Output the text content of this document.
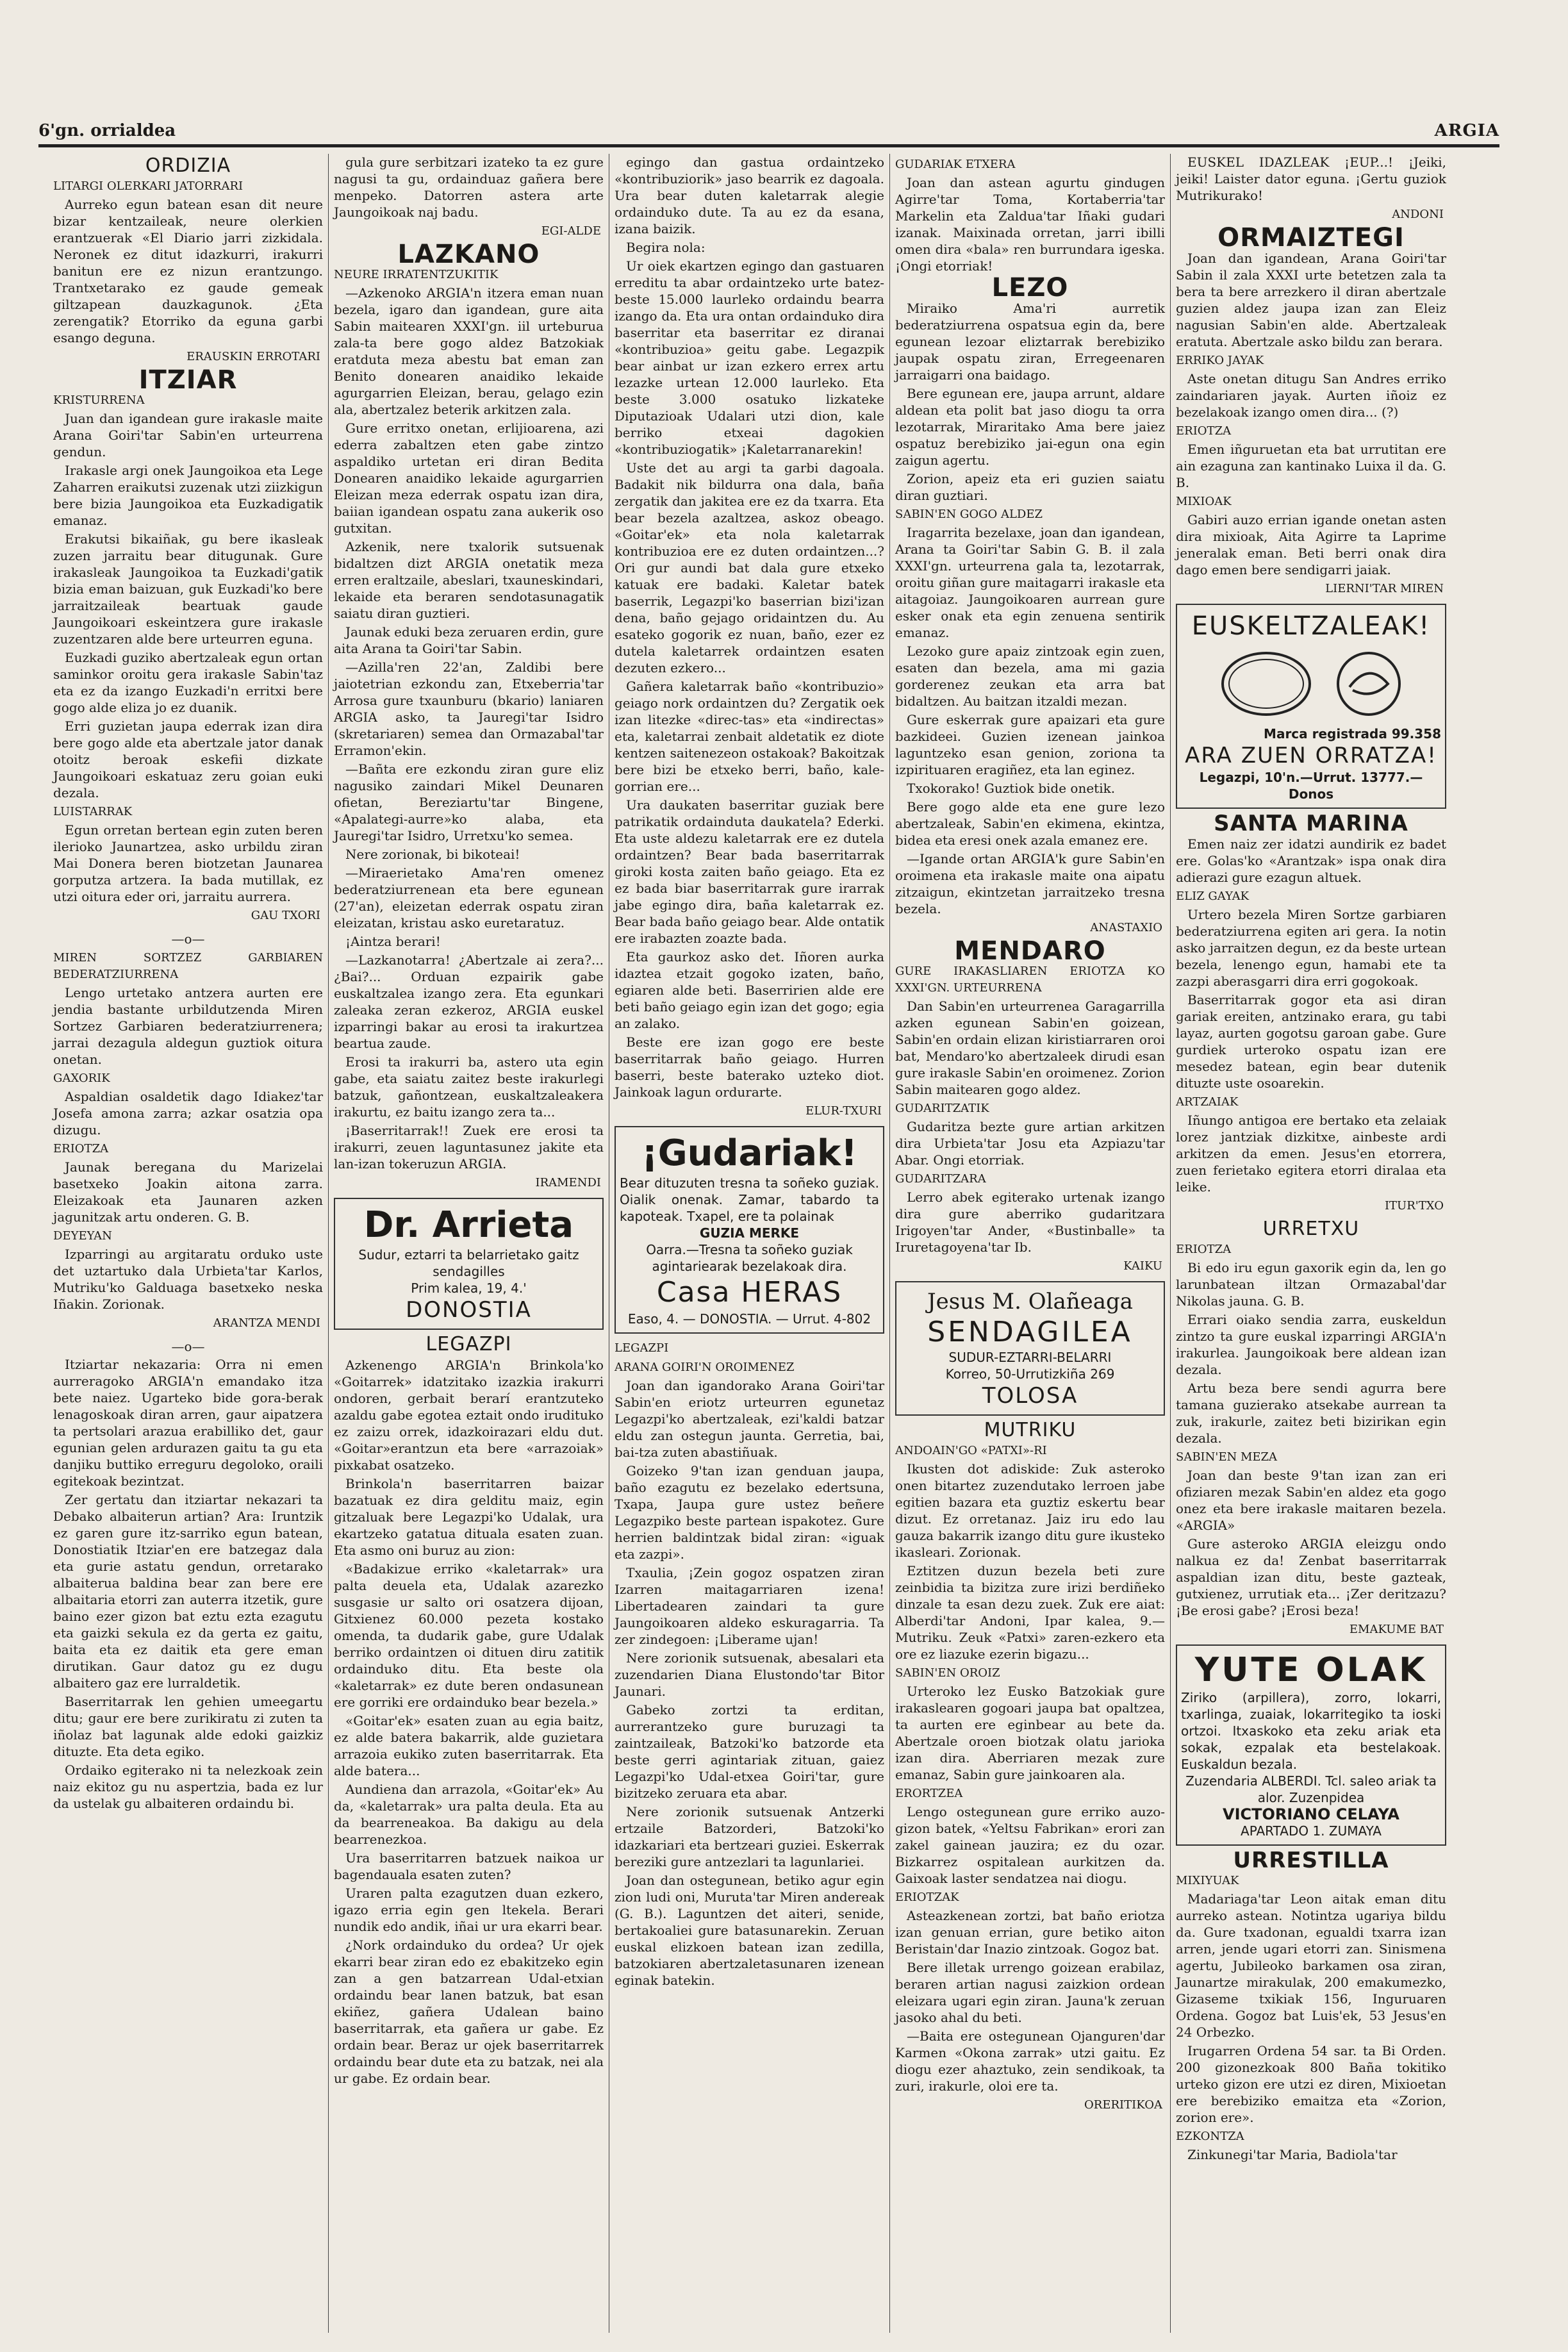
6'gn. orrialdea	ARGIA
ORDIZIA
LITARGI OLERKARI JATORRARI

Aurreko egun batean esan dit neure bizar kentzaileak, neure olerkien erantzuerak «El Diario jarri zizkidala. Neronek ez ditut idazkurri, irakurri banitun ere ez nizun erantzungo. Trantxetarako ez gaude gemeak giltzapean dauzkagunok. ¿Eta zerengatik? Etorriko da eguna garbi esango deguna.

ERAUSKIN ERROTARI
ITZIAR
KRISTURRENA

Juan dan igandean gure irakasle maite Arana Goiri'tar Sabin'en urteurrena gendun.

Irakasle argi onek Jaungoikoa eta Lege Zaharren eraikutsi zuzenak utzi ziizkigun bere bizia Jaungoikoa eta Euzkadigatik emanaz.

Erakutsi bikaiñak, gu bere ikasleak zuzen jarraitu bear ditugunak. Gure irakasleak Jaungoikoa ta Euzkadi'gatik bizia eman baizuan, guk Euzkadi'ko bere jarraitzaileak beartuak gaude Jaungoikoari eskeintzera gure irakasle zuzentzaren alde bere urteurren eguna.

Euzkadi guziko abertzaleak egun ortan saminkor oroitu gera irakasle Sabin'taz eta ez da izango Euzkadi'n erritxi bere gogo alde eliza jo ez duanik.

Erri guzietan jaupa ederrak izan dira bere gogo alde eta abertzale jator danak otoitz beroak eskefii dizkate Jaungoikoari eskatuaz zeru goian euki dezala.

LUISTARRAK

Egun orretan bertean egin zuten beren ilerioko Jaunartzea, asko urbildu ziran Mai Donera beren biotzetan Jaunarea gorputza artzera. Ia bada mutillak, ez utzi oitura eder ori, jarraitu aurrera.

GAU TXORI
—o—
MIREN SORTZEZ GARBIAREN BEDERATZIURRENA

Lengo urtetako antzera aurten ere jendia bastante urbildutzenda Miren Sortzez Garbiaren bederatziurrenera; jarrai dezagula aldegun guztiok oitura onetan.

GAXORIK

Aspaldian osaldetik dago Idiakez'tar Josefa amona zarra; azkar osatzia opa dizugu.

ERIOTZA

Jaunak beregana du Marizelai basetxeko Joakin aitona zarra. Eleizakoak eta Jaunaren azken jagunitzak artu onderen. G. B.

DEYEYAN

Izparringi au argitaratu orduko uste det uztartuko dala Urbieta'tar Karlos, Mutriku'ko Galduaga basetxeko neska Iñakin. Zorionak.

ARANTZA MENDI
—o—

Itziartar nekazaria: Orra ni emen aurreragoko ARGIA'n emandako itza bete naiez. Ugarteko bide gora-berak lenagoskoak diran arren, gaur aipatzera ta pertsolari arazua erabilliko det, gaur egunian gelen ardurazen gaitu ta gu eta danjiku buttiko erreguru degoloko, oraili egitekoak bezintzat.

Zer gertatu dan itziartar nekazari ta Debako albaiterun artian? Ara: Iruntzik ez garen gure itz-sarriko egun batean, Donostiatik Itziar'en ere batzegaz dala eta gurie astatu gendun, orretarako albaiterua baldina bear zan bere ere albaitaria etorri zan auterra itzetik, gure baino ezer gizon bat eztu ezta ezagutu eta gaizki sekula ez da gerta ez gaitu, baita eta ez daitik eta gere eman dirutikan. Gaur datoz gu ez dugu albaitero gaz ere lurraldetik.

Baserritarrak len gehien umeegartu ditu; gaur ere bere zurikiratu zi zuten ta iñolaz bat lagunak alde edoki gaizkiz dituzte. Eta deta egiko.

Ordaiko egiterako ni ta nelezkoak zein naiz ekitoz gu nu aspertzia, bada ez lur da ustelak gu albaiteren ordaindu bi.

gula gure serbitzari izateko ta ez gure nagusi ta gu, ordainduaz gañera bere menpeko. Datorren astera arte Jaungoikoak naj badu.

EGI-ALDE
LAZKANO
NEURE IRRATENTZUKITIK

—Azkenoko ARGIA'n itzera eman nuan bezela, igaro dan igandean, gure aita Sabin maitearen XXXI'gn. iil urteburua zala-ta bere gogo aldez Batzokiak eratduta meza abestu bat eman zan Benito donearen anaidiko lekaide agurgarrien Eleizan, berau, gelago ezin ala, abertzalez beterik arkitzen zala.

Gure erritxo onetan, erlijioarena, azi ederra zabaltzen eten gabe zintzo aspaldiko urtetan eri diran Bedita Donearen anaidiko lekaide agurgarrien Eleizan meza ederrak ospatu izan dira, baiian igandean ospatu zana aukerik oso gutxitan.

Azkenik, nere txalorik sutsuenak bidaltzen dizt ARGIA onetatik meza erren eraltzaile, abeslari, txauneskindari, lekaide eta beraren sendotasunagatik saiatu diran guztieri.

Jaunak eduki beza zeruaren erdin, gure aita Arana ta Goiri'tar Sabin.

—Azilla'ren 22'an, Zaldibi bere jaiotetrian ezkondu zan, Etxeberria'tar Arrosa gure txaunburu (bkario) laniaren ARGIA asko, ta Jauregi'tar Isidro (skretariaren) semea dan Ormazabal'tar Erramon'ekin.

—Bañta ere ezkondu ziran gure eliz nagusiko zaindari Mikel Deunaren ofietan, Bereziartu'tar Bingene, «Apalategi-aurre»ko alaba, eta Jauregi'tar Isidro, Urretxu'ko semea.

Nere zorionak, bi bikoteai!

—Miraerietako Ama'ren omenez bederatziurrenean eta bere egunean (27'an), eleizetan ederrak ospatu ziran eleizatan, kristau asko euretaratuz.

¡Aintza berari!

—Lazkanotarra! ¿Abertzale ai zera?... ¿Bai?... Orduan ezpairik gabe euskaltzalea izango zera. Eta egunkari zaleaka zeran ezkeroz, ARGIA euskel izparringi bakar au erosi ta irakurtzea beartua zaude.

Erosi ta irakurri ba, astero uta egin gabe, eta saiatu zaitez beste irakurlegi batzuk, gañontzean, euskaltzaleakera irakurtu, ez baitu izango zera ta...

¡Baserritarrak!! Zuek ere erosi ta irakurri, zeuen laguntasunez jakite eta lan-izan tokeruzun ARGIA.

IRAMENDI
Dr. Arrieta
Sudur, eztarri ta belarrietako gaitz
sendagilles
Prim kalea, 19, 4.'
DONOSTIA
LEGAZPI

Azkenengo ARGIA'n Brinkola'ko «Goitarrek» idatzitako izazkia irakurri ondoren, gerbait berarí erantzuteko azaldu gabe egotea eztait ondo irudituko ez zaizu orrek, idazkoirazari eldu dut. «Goitar»erantzun eta bere «arrazoiak» pixkabat osatzeko.

Brinkola'n baserritarren baizar bazatuak ez dira gelditu maiz, egin gitzaluak bere Legazpi'ko Udalak, ura ekartzeko gatatua dituala esaten zuan. Eta asmo oni buruz au zion:

«Badakizue erriko «kaletarrak» ura palta deuela eta, Udalak azarezko susgasie ur salto ori osatzera dijoan, Gitxienez 60.000 pezeta kostako omenda, ta dudarik gabe, gure Udalak berriko ordaintzen oi dituen diru zatitik ordainduko ditu. Eta beste ola «kaletarrak» ez dute beren ondasunean ere gorriki ere ordainduko bear bezela.»

«Goitar'ek» esaten zuan au egia baitz, ez alde batera bakarrik, alde guzietara arrazoia eukiko zuten baserritarrak. Eta alde batera...

Aundiena dan arrazola, «Goitar'ek» Au da, «kaletarrak» ura palta deula. Eta au da bearreneakoa. Ba dakigu au dela bearrenezkoa.

Ura baserritarren batzuek naikoa ur bagendauala esaten zuten?

Uraren palta ezagutzen duan ezkero, igazo erria egin gen ltekela. Berari nundik edo andik, iñai ur ura ekarri bear.

¿Nork ordainduko du ordea? Ur ojek ekarri bear ziran edo ez ebakitzeko egin zan a gen batzarrean Udal-etxian ordaindu bear lanen batzuk, bat esan ekiñez, gañera Udalean baino baserritarrak, eta gañera ur gabe. Ez ordain bear. Beraz ur ojek baserritarrek ordaindu bear dute eta zu batzak, nei ala ur gabe. Ez ordain bear.

egingo dan gastua ordaintzeko «kontribuziorik» jaso bearrik ez dagoala. Ura bear duten kaletarrak alegie ordainduko dute. Ta au ez da esana, izana baizik.

Begira nola:

Ur oiek ekartzen egingo dan gastuaren erreditu ta abar ordaintzeko urte batez-beste 15.000 laurleko ordaindu bearra izango da. Eta ura ontan ordainduko dira baserritar eta baserritar ez diranai «kontribuzioa» geitu gabe. Legazpik bear ainbat ur izan ezkero errex artu lezazke urtean 12.000 laurleko. Eta beste 3.000 osatuko lizkateke Diputazioak Udalari utzi dion, kale berriko etxeai dagokien «kontribuziogatik» ¡Kaletarranarekin!

Uste det au argi ta garbi dagoala. Badakit nik bildurra ona dala, baña zergatik dan jakitea ere ez da txarra. Eta bear bezela azaltzea, askoz obeago. «Goitar'ek» eta nola kaletarrak kontribuzioa ere ez duten ordaintzen...? Ori gur aundi bat dala gure etxeko katuak ere badaki. Kaletar batek baserrik, Legazpi'ko baserrian bizi'izan dena, baño gejago oridaintzen du. Au esateko gogorik ez nuan, baño, ezer ez dutela kaletarrek ordaintzen esaten dezuten ezkero...

Gañera kaletarrak baño «kontribuzio» geiago nork ordaintzen du? Zergatik oek izan litezke «direc-tas» eta «indirectas» eta, kaletarrai zenbait aldetatik ez diote kentzen saitenezeon ostakoak? Bakoitzak bere bizi be etxeko berri, baño, kale-gorrian ere...

Ura daukaten baserritar guziak bere patrikatik ordainduta daukatela? Ederki. Eta uste aldezu kaletarrak ere ez dutela ordaintzen? Bear bada baserritarrak giroki kosta zaiten baño geiago. Eta ez ez bada biar baserritarrak gure irarrak jabe egingo dira, baña kaletarrak ez. Bear bada baño geiago bear. Alde ontatik ere irabazten zoazte bada.

Eta gaurkoz asko det. Iñoren aurka idaztea etzait gogoko izaten, baño, egiaren alde beti. Baserririen alde ere beti baño geiago egin izan det gogo; egia an zalako.

Beste ere izan gogo ere beste baserritarrak baño geiago. Hurren baserri, beste baterako uzteko diot. Jainkoak lagun ordurarte.

ELUR-TXURI
¡Gudariak!
Bear dituzuten tresna ta soñeko guziak. Oialik onenak. Zamar, tabardo ta kapoteak. Txapel, ere ta polainak
GUZIA MERKE
Oarra.—Tresna ta soñeko guziak agintariearak bezelakoak dira.
Casa HERAS
Easo, 4. — DONOSTIA. — Urrut. 4-802
LEGAZPI
ARANA GOIRI'N OROIMENEZ

Joan dan igandorako Arana Goiri'tar Sabin'en eriotz urteurren egunetaz Legazpi'ko abertzaleak, ezi'kaldi batzar eldu zan ostegun jaunta. Gerretia, bai, bai-tza zuten abastiñuak.

Goizeko 9'tan izan genduan jaupa, baño ezagutu ez bezelako edertsuna, Txapa, Jaupa gure ustez beñere Legazpiko beste partean ispakotez. Gure herrien baldintzak bidal ziran: «iguak eta zazpi».

Txaulia, ¡Zein gogoz ospatzen ziran Izarren maitagarriaren izena! Libertadearen zaindari ta gure Jaungoikoaren aldeko eskuragarria. Ta zer zindegoen: ¡Liberame ujan!

Nere zorionik sutsuenak, abesalari eta zuzendarien Diana Elustondo'tar Bitor Jaunari.

Gabeko zortzi ta erditan, aurrerantzeko gure buruzagi ta zaintzaileak, Batzoki'ko batzorde eta beste gerri agintariak zituan, gaiez Legazpi'ko Udal-etxea Goiri'tar, gure bizitzeko zeruara eta abar.

Nere zorionik sutsuenak Antzerki ertzaile Batzorderi, Batzoki'ko idazkariari eta bertzeari guziei. Eskerrak bereziki gure antzezlari ta lagunlariei.

Joan dan ostegunean, betiko agur egin zion ludi oni, Muruta'tar Miren andereak (G. B.). Laguntzen det aiteri, senide, bertakoaliei gure batasunarekin. Zeruan euskal elizkoen batean izan zedilla, batzokiaren abertzaletasunaren izenean eginak batekin.

GUDARIAK ETXERA

Joan dan astean agurtu gindugen Agirre'tar Toma, Kortaberria'tar Markelin eta Zaldua'tar Iñaki gudari izanak. Maixinada orretan, jarri ibilli omen dira «bala» ren burrundara igeska. ¡Ongi etorriak!

LEZO

Miraiko Ama'ri aurretik bederatziurrena ospatsua egin da, bere egunean lezoar eliztarrak berebiziko jaupak ospatu ziran, Erregeenaren jarraigarri ona baidago.

Bere egunean ere, jaupa arrunt, aldare aldean eta polit bat jaso diogu ta orra lezotarrak, Miraritako Ama bere jaiez ospatuz berebiziko jai-egun ona egin zaigun agertu.

Zorion, apeiz eta eri guzien saiatu diran guztiari.

SABIN'EN GOGO ALDEZ

Iragarrita bezelaxe, joan dan igandean, Arana ta Goiri'tar Sabin G. B. il zala XXXI'gn. urteurrena gala ta, lezotarrak, oroitu giñan gure maitagarri irakasle eta aitagoiaz. Jaungoikoaren aurrean gure esker onak eta egin zenuena sentirik emanaz.

Lezoko gure apaiz zintzoak egin zuen, esaten dan bezela, ama mi gazia gorderenez zeukan eta arra bat bidaltzen. Au baitzan itzaldi mezan.

Gure eskerrak gure apaizari eta gure bazkideei. Guzien izenean jainkoa laguntzeko esan genion, zoriona ta izpirituaren eragiñez, eta lan eginez.

Txokorako! Guztiok bide onetik.

Bere gogo alde eta ene gure lezo abertzaleak, Sabin'en ekimena, ekintza, bidea eta eresi onek azala emanez ere.

—Igande ortan ARGIA'k gure Sabin'en oroimena eta irakasle maite ona aipatu zitzaigun, ekintzetan jarraitzeko tresna bezela.

ANASTAXIO
MENDARO
GURE IRAKASLIAREN ERIOTZA KO XXXI'GN. URTEURRENA

Dan Sabin'en urteurrenea Garagarrilla azken egunean Sabin'en goizean, Sabin'en ordain elizan kiristiarraren oroi bat, Mendaro'ko abertzaleek dirudi esan gure irakasle Sabin'en oroimenez. Zorion Sabin maitearen gogo aldez.

GUDARITZATIK

Gudaritza bezte gure artian arkitzen dira Urbieta'tar Josu eta Azpiazu'tar Abar. Ongi etorriak.

GUDARITZARA

Lerro abek egiterako urtenak izango dira gure aberriko gudaritzara Irigoyen'tar Ander, «Bustinballe» ta Iruretagoyena'tar Ib.

KAIKU
Jesus M. Olañeaga
SENDAGILEA
SUDUR-EZTARRI-BELARRI
Korreo, 50-Urrutizkiña 269
TOLOSA
MUTRIKU
ANDOAIN'GO «PATXI»-RI

Ikusten dot adiskide: Zuk asteroko onen bitartez zuzendutako lerroen jabe egitien bazara eta guztiz eskertu bear dizut. Ez orretanaz. Jaiz iru edo lau gauza bakarrik izango ditu gure ikusteko ikasleari. Zorionak.

Eztitzen duzun bezela beti zure zeinbidia ta bizitza zure irizi berdiñeko dinzale ta esan dezu zuek. Zuk ere aiat: Alberdi'tar Andoni, Ipar kalea, 9.—Mutriku. Zeuk «Patxi» zaren-ezkero eta ore ez liazuke ezerin bigazu...

SABIN'EN OROIZ

Urteroko lez Eusko Batzokiak gure irakaslearen gogoari jaupa bat opaltzea, ta aurten ere eginbear au bete da. Abertzale oroen biotzak olatu jarioka izan dira. Aberriaren mezak zure emanaz, Sabin gure jainkoaren ala.

ERORTZEA

Lengo ostegunean gure erriko auzo-gizon batek, «Yeltsu Fabrikan» erori zan zakel gainean jauzira; ez du ozar. Bizkarrez ospitalean aurkitzen da. Gaixoak laster sendatzea nai diogu.

ERIOTZAK

Asteazkenean zortzi, bat baño eriotza izan genuan errian, gure betiko aiton Beristain'dar Inazio zintzoak. Gogoz bat.

Bere illetak urrengo goizean erabilaz, beraren artian nagusi zaizkion ordean eleizara ugari egin ziran. Jauna'k zeruan jasoko ahal du beti.

—Baita ere ostegunean Ojanguren'dar Karmen «Okona zarrak» utzi gaitu. Ez diogu ezer ahaztuko, zein sendikoak, ta zuri, irakurle, oloi ere ta.

ORERITIKOA

EUSKEL IDAZLEAK ¡EUP...! ¡Jeiki, jeiki! Laister dator eguna. ¡Gertu guziok Mutrikurako!

ANDONI
ORMAIZTEGI

Joan dan igandean, Arana Goiri'tar Sabin il zala XXXI urte betetzen zala ta bera ta bere arrezkero il diran abertzale guzien aldez jaupa izan zan Eleiz nagusian Sabin'en alde. Abertzaleak eratuta. Abertzale asko bildu zan berara.

ERRIKO JAYAK

Aste onetan ditugu San Andres erriko zaindariaren jayak. Aurten iñoiz ez bezelakoak izango omen dira... (?)

ERIOTZA

Emen iñguruetan eta bat urrutitan ere ain ezaguna zan kantinako Luixa il da. G. B.

MIXIOAK

Gabiri auzo errian igande onetan asten dira mixioak, Aita Agirre ta Laprime jeneralak eman. Beti berri onak dira dago emen bere sendigarri jaiak.

LIERNI'TAR MIREN
EUSKELTZALEAK!
Marca registrada 99.358
ARA ZUEN ORRATZA!
Legazpi, 10'n.—Urrut. 13777.—Donos
SANTA MARINA

Emen naiz zer idatzi aundirik ez badet ere. Golas'ko «Arantzak» ispa onak dira adierazi gure ezagun altuek.

ELIZ GAYAK

Urtero bezela Miren Sortze garbiaren bederatziurrena egiten ari gera. Ia notin asko jarraitzen degun, ez da beste urtean bezela, lenengo egun, hamabi ete ta zazpi aberasgarri dira erri gogokoak.

Baserritarrak gogor eta asi diran gariak ereiten, antzinako erara, gu tabi layaz, aurten gogotsu garoan gabe. Gure gurdiek urteroko ospatu izan ere mesedez batean, egin bear dutenik dituzte uste osoarekin.

ARTZAIAK

Iñungo antigoa ere bertako eta zelaiak lorez jantziak dizkitxe, ainbeste ardi arkitzen da emen. Jesus'en etorrera, zuen ferietako egitera etorri diralaa eta leike.

ITUR'TXO
URRETXU
ERIOTZA

Bi edo iru egun gaxorik egin da, len go larunbatean iltzan Ormazabal'dar Nikolas jauna. G. B.

Errari oiako sendia zarra, euskeldun zintzo ta gure euskal izparringi ARGIA'n irakurlea. Jaungoikoak bere aldean izan dezala.

Artu beza bere sendi agurra bere tamana guzierako atsekabe aurrean ta zuk, irakurle, zaitez beti bizirikan egin dezala.

SABIN'EN MEZA

Joan dan beste 9'tan izan zan eri ofiziaren mezak Sabin'en aldez eta gogo onez eta bere irakasle maitaren bezela. «ARGIA»

Gure asteroko ARGIA eleizgu ondo nalkua ez da! Zenbat baserritarrak aspaldian izan ditu, beste gazteak, gutxienez, urrutiak eta... ¡Zer deritzazu? ¡Be erosi gabe? ¡Erosi beza!

EMAKUME BAT
YUTE OLAK
Ziriko (arpillera), zorro, lokarri, txarlinga, zuaiak, lokarritegiko ta ioski ortzoi. Itxaskoko eta zeku ariak eta sokak, ezpalak eta bestelakoak. Euskaldun bezala.
Zuzendaria ALBERDI. Tcl. saleo ariak ta alor. Zuzenpidea
VICTORIANO CELAYA
APARTADO 1. ZUMAYA
URRESTILLA
MIXIYUAK

Madariaga'tar Leon aitak eman ditu aurreko astean. Notintza ugariya bildu da. Gure txadonan, egualdi txarra izan arren, jende ugari etorri zan. Sinismena agertu, Jubileoko barkamen osa ziran, Jaunartze mirakulak, 200 emakumezko, Gizaseme txikiak 156, Inguruaren Ordena. Gogoz bat Luis'ek, 53 Jesus'en 24 Orbezko.

Irugarren Ordena 54 sar. ta Bi Orden. 200 gizonezkoak 800 Baña tokitiko urteko gizon ere utzi ez diren, Mixioetan ere berebiziko emaitza eta «Zorion, zorion ere».

EZKONTZA

Zinkunegi'tar Maria, Badiola'tar
